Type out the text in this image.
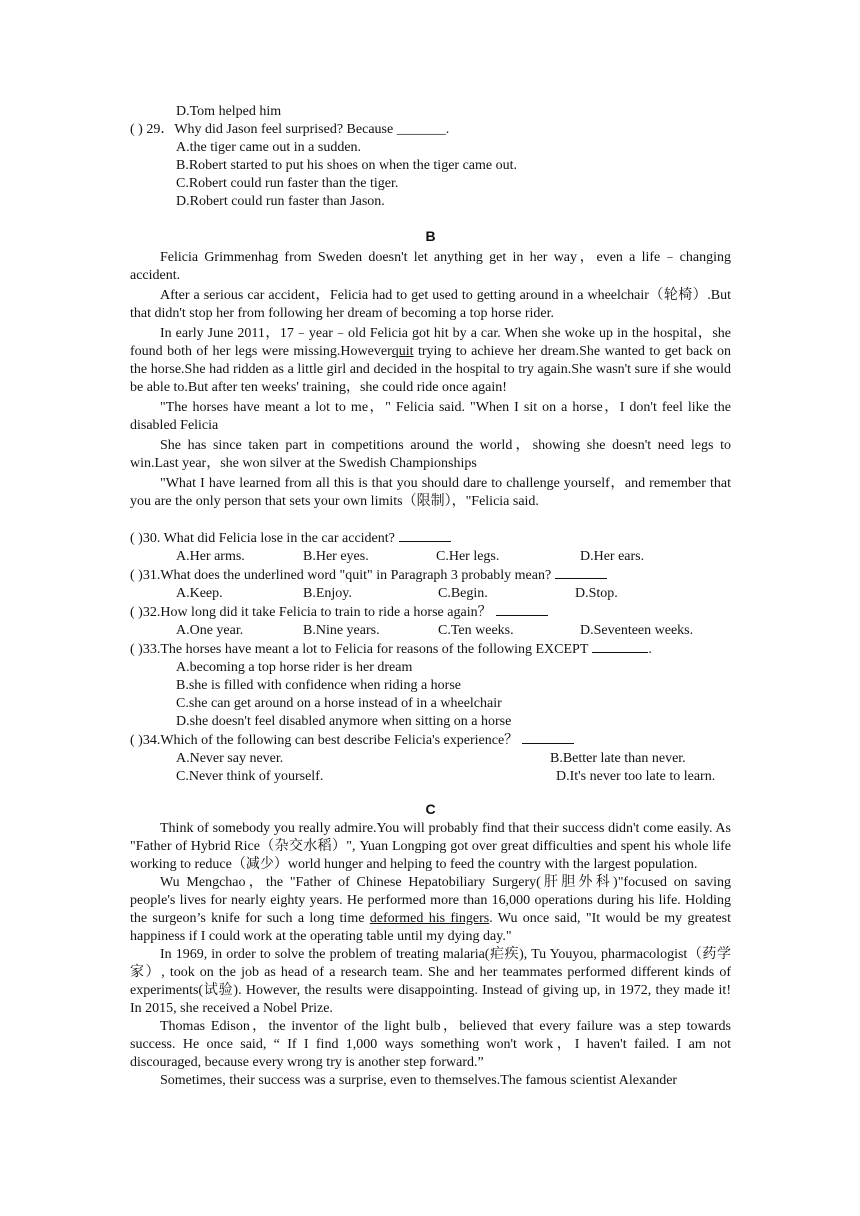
D.Tom helped him
( ) 29．Why did Jason feel surprised? Because _______.
A.the tiger came out in a sudden.
B.Robert started to put his shoes on when the tiger came out.
C.Robert could run faster than the tiger.
D.Robert could run faster than Jason.
B

Felicia Grimmenhag from Sweden doesn't let anything get in her way，even a life﹣changing accident.

After a serious car accident，Felicia had to get used to getting around in a wheelchair（轮椅）.But that didn't stop her from following her dream of becoming a top horse rider.

In early June 2011，17﹣year﹣old Felicia got hit by a car. When she woke up in the hospital，she found both of her legs were missing.Howeverquit trying to achieve her dream.She wanted to get back on the horse.She had ridden as a little girl and decided in the hospital to try again.She wasn't sure if she would be able to.But after ten weeks' training，she could ride once again!

"The horses have meant a lot to me，" Felicia said. "When I sit on a horse，I don't feel like the disabled Felicia

She has since taken part in competitions around the world，showing she doesn't need legs to win.Last year，she won silver at the Swedish Championships

"What I have learned from all this is that you should dare to challenge yourself，and remember that you are the only person that sets your own limits（限制），"Felicia said.

( )30. What did Felicia lose in the car accident?
A.Her arms.	B.Her eyes.	C.Her legs.	D.Her ears.
( )31.What does the underlined word "quit" in Paragraph 3 probably mean?
A.Keep.	B.Enjoy.	C.Begin.	D.Stop.
( )32.How long did it take Felicia to train to ride a horse again？
A.One year.	B.Nine years.	C.Ten weeks.	D.Seventeen weeks.
( )33.The horses have meant a lot to Felicia for reasons of the following EXCEPT	.
A.becoming a top horse rider is her dream
B.she is filled with confidence when riding a horse
C.she can get around on a horse instead of in a wheelchair
D.she doesn't feel disabled anymore when sitting on a horse
( )34.Which of the following can best describe Felicia's experience？
A.Never say never.	B.Better late than never.
C.Never think of yourself.	D.It's never too late to learn.
C

Think of somebody you really admire.You will probably find that their success didn't come easily. As "Father of Hybrid Rice（杂交水稻）", Yuan Longping got over great difficulties and spent his whole life working to reduce（减少）world hunger and helping to feed the country with the largest population.

Wu Mengchao，the "Father of Chinese Hepatobiliary Surgery(肝胆外科)"focused on saving people's lives for nearly eighty years. He performed more than 16,000 operations during his life. Holding the surgeon’s knife for such a long time deformed his fingers. Wu once said, "It would be my greatest happiness if I could work at the operating table until my dying day."

In 1969, in order to solve the problem of treating malaria(疟疾), Tu Youyou, pharmacologist（药学家）, took on the job as head of a research team. She and her teammates performed different kinds of experiments(试验). However, the results were disappointing. Instead of giving up, in 1972, they made it! In 2015, she received a Nobel Prize.

Thomas Edison，the inventor of the light bulb，believed that every failure was a step towards success. He once said, “ If I find 1,000 ways something won't work，I haven't failed. I am not discouraged, because every wrong try is another step forward.”

Sometimes, their success was a surprise, even to themselves.The famous scientist Alexander
